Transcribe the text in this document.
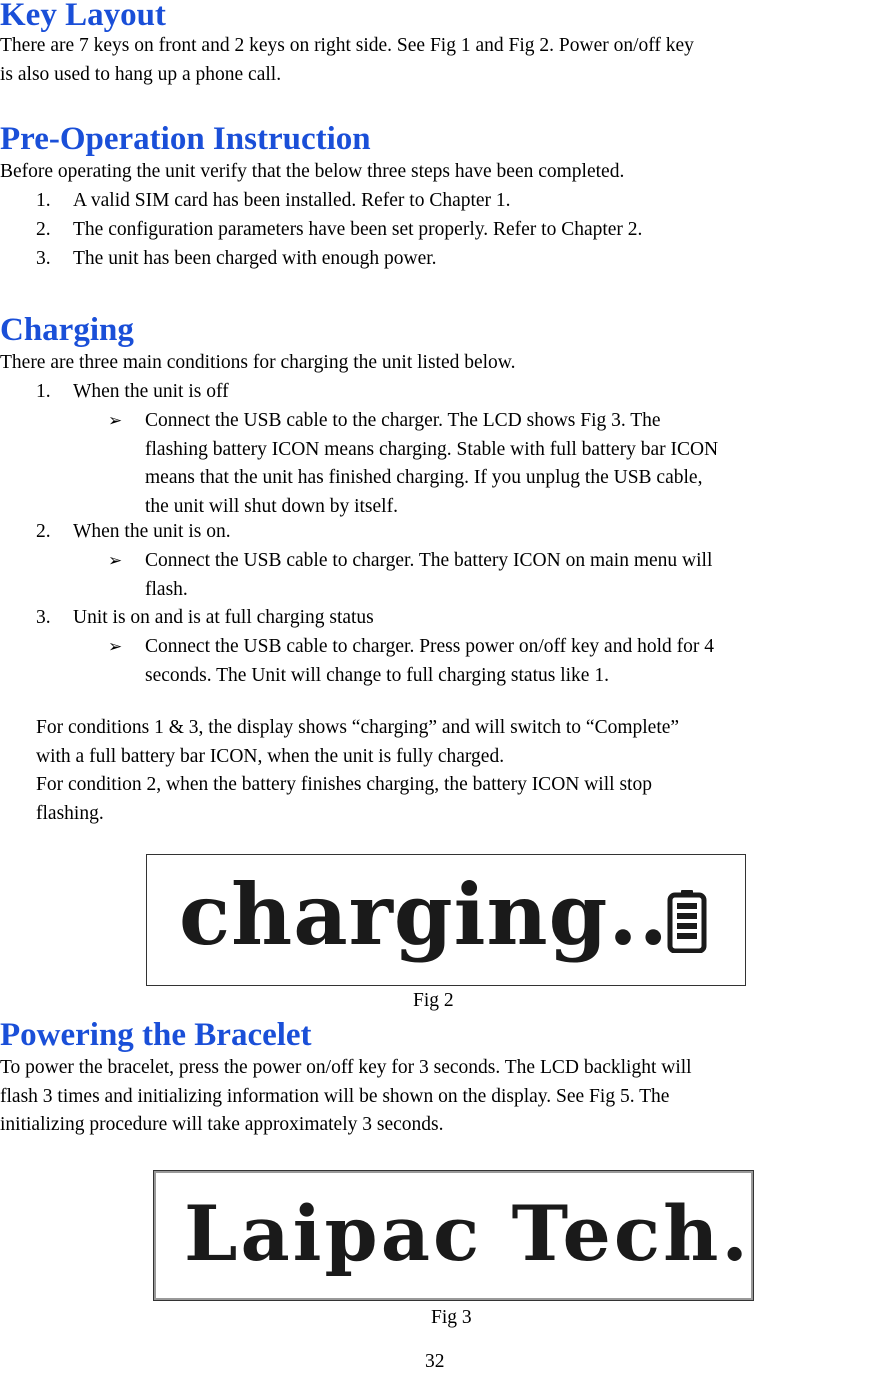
Key Layout
There are 7 keys on front and 2 keys on right side. See Fig 1 and Fig 2. Power on/off key
is also used to hang up a phone call.
Pre-Operation Instruction
Before operating the unit verify that the below three steps have been completed.
1. A valid SIM card has been installed. Refer to Chapter 1.
2. The configuration parameters have been set properly. Refer to Chapter 2.
3. The unit has been charged with enough power.
Charging
There are three main conditions for charging the unit listed below.
1. When the unit is off
➢ Connect the USB cable to the charger. The LCD shows Fig 3. The
flashing battery ICON means charging. Stable with full battery bar ICON
means that the unit has finished charging. If you unplug the USB cable,
the unit will shut down by itself.
2. When the unit is on.
➢ Connect the USB cable to charger. The battery ICON on main menu will
flash.
3. Unit is on and is at full charging status
➢ Connect the USB cable to charger. Press power on/off key and hold for 4
seconds. The Unit will change to full charging status like 1.
For conditions 1 & 3, the display shows “charging” and will switch to “Complete”
with a full battery bar ICON, when the unit is fully charged.
For condition 2, when the battery finishes charging, the battery ICON will stop
flashing.
charging..
Fig 2
Powering the Bracelet
To power the bracelet, press the power on/off key for 3 seconds. The LCD backlight will
flash 3 times and initializing information will be shown on the display. See Fig 5. The
initializing procedure will take approximately 3 seconds.
Laipac Tech.
Fig 3
32
